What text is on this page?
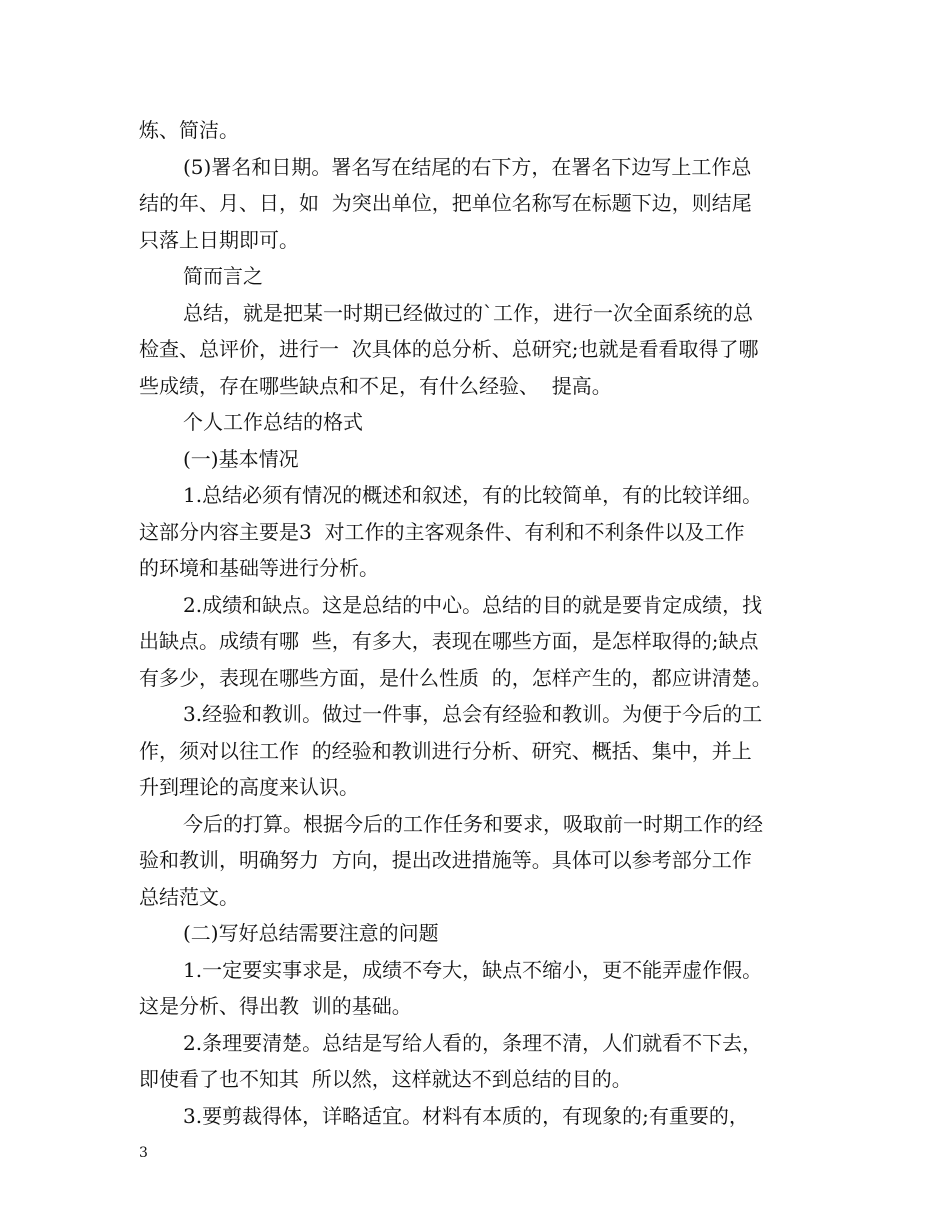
炼、简洁。
(5)署名和日期。署名写在结尾的右下方，在署名下边写上工作总
结的年、月、日，如  为突出单位，把单位名称写在标题下边，则结尾
只落上日期即可。
简而言之
总结，就是把某一时期已经做过的`工作，进行一次全面系统的总
检查、总评价，进行一  次具体的总分析、总研究;也就是看看取得了哪
些成绩，存在哪些缺点和不足，有什么经验、  提高。
个人工作总结的格式
(一)基本情况
1.总结必须有情况的概述和叙述，有的比较简单，有的比较详细。
这部分内容主要是3  对工作的主客观条件、有利和不利条件以及工作
的环境和基础等进行分析。
2.成绩和缺点。这是总结的中心。总结的目的就是要肯定成绩，找
出缺点。成绩有哪  些，有多大，表现在哪些方面，是怎样取得的;缺点
有多少，表现在哪些方面，是什么性质  的，怎样产生的，都应讲清楚。
3.经验和教训。做过一件事，总会有经验和教训。为便于今后的工
作，须对以往工作  的经验和教训进行分析、研究、概括、集中，并上
升到理论的高度来认识。
今后的打算。根据今后的工作任务和要求，吸取前一时期工作的经
验和教训，明确努力  方向，提出改进措施等。具体可以参考部分工作
总结范文。
(二)写好总结需要注意的问题
1.一定要实事求是，成绩不夸大，缺点不缩小，更不能弄虚作假。
这是分析、得出教  训的基础。
2.条理要清楚。总结是写给人看的，条理不清，人们就看不下去，
即使看了也不知其  所以然，这样就达不到总结的目的。
3.要剪裁得体，详略适宜。材料有本质的，有现象的;有重要的，
3
